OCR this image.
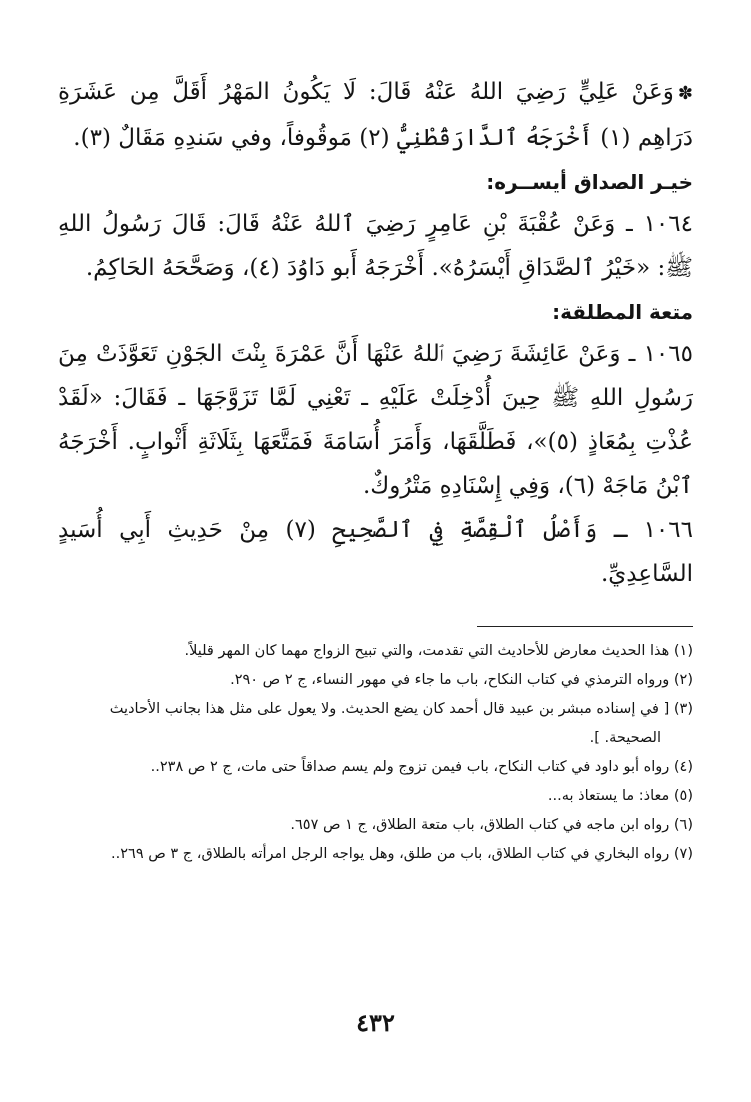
✽وَعَنْ عَلِيٍّ رَضِيَ اللهُ عَنْهُ قَالَ: لَا يَكُونُ المَهْرُ أَقَلَّ مِن عَشَرَةِ دَرَاهِم (١) أَخْرَجَهُ ٱلدَّارَقُطْنِيُّ (٢) مَوقُوفاً، وفي سَندِهِ مَقَالٌ (٣).

خيـر الصداق أيســره:

١٠٦٤ ـ وَعَنْ عُقْبَةَ بْنِ عَامِرٍ رَضِيَ ٱللهُ عَنْهُ قَالَ: قَالَ رَسُولُ اللهِ ﷺ: «خَيْرُ ٱلصَّدَاقِ أَيْسَرُهُ». أَخْرَجَهُ أَبو دَاوُدَ (٤)، وَصَحَّحَهُ الحَاكِمُ.

متعة المطلقة:

١٠٦٥ ـ وَعَنْ عَائِشَةَ رَضِيَ ٱللهُ عَنْهَا أَنَّ عَمْرَةَ بِنْتَ الجَوْنِ تَعَوَّذَتْ مِنَ رَسُولِ اللهِ ﷺ حِينَ أُدْخِلَتْ عَلَيْهِ ـ تَعْنِي لَمَّا تَزَوَّجَهَا ـ فَقَالَ: «لَقَدْ عُذْتِ بِمُعَاذٍ (٥)»، فَطَلَّقَهَا، وَأَمَرَ أُسَامَةَ فَمَتَّعَهَا بِثَلَاثَةِ أَثْوابٍ. أَخْرَجَهُ ٱبْنُ مَاجَهْ (٦)، وَفِي إِسْنَادِهِ مَتْرُوكٌ.

١٠٦٦ ـ وَأَصْلُ ٱلْقِصَّةِ فِي ٱلصَّحِيحِ (٧) مِنْ حَدِيثِ أَبِي أُسَيدٍ السَّاعِدِيِّ.

(١) هذا الحديث معارض للأحاديث التي تقدمت، والتي تبيح الزواج مهما كان المهر قليلاً.

(٢) ورواه الترمذي في كتاب النكاح، باب ما جاء في مهور النساء، ج ٢ ص ٢٩٠.

(٣) [ في إسناده مبشر بن عبيد قال أحمد كان يضع الحديث. ولا يعول على مثل هذا بجانب الأحاديث الصحيحة. ].

(٤) رواه أبو داود في كتاب النكاح، باب فيمن تزوج ولم يسم صداقاً حتى مات، ج ٢ ص ٢٣٨..

(٥) معاذ: ما يستعاذ به...

(٦) رواه ابن ماجه في كتاب الطلاق، باب متعة الطلاق، ج ١ ص ٦٥٧.

(٧) رواه البخاري في كتاب الطلاق، باب من طلق، وهل يواجه الرجل امرأته بالطلاق، ج ٣ ص ٢٦٩..

٤٣٢
